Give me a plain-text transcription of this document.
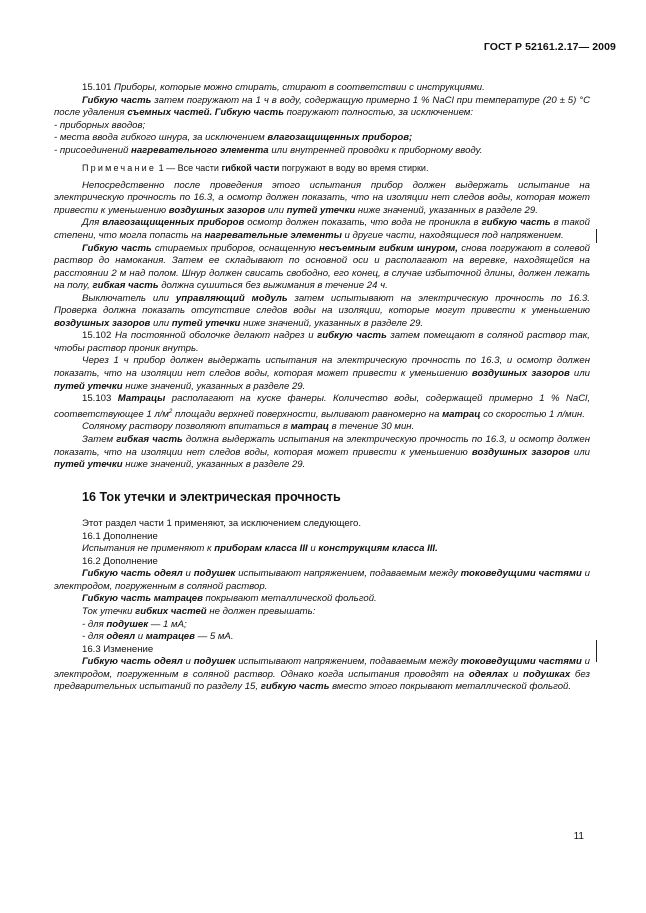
ГОСТ Р 52161.2.17— 2009

15.101 Приборы, которые можно стирать, стирают в соответствии с инструкциями.

Гибкую часть затем погружают на 1 ч в воду, содержащую примерно 1 % NaCl при температуре (20 ± 5) °С после удаления съемных частей. Гибкую часть погружают полностью, за исключением:

- приборных вводов;

- места ввода гибкого шнура, за исключением влагозащищенных приборов;

- присоединений нагревательного элемента или внутренней проводки к приборному вводу.

Примечание 1 — Все части гибкой части погружают в воду во время стирки.

Непосредственно после проведения этого испытания прибор должен выдержать испытание на электрическую прочность по 16.3, а осмотр должен показать, что на изоляции нет следов воды, которая может привести к уменьшению воздушных зазоров или путей утечки ниже значений, указанных в разделе 29.

Для влагозащищенных приборов осмотр должен показать, что вода не проникла в гибкую часть в такой степени, что могла попасть на нагревательные элементы и другие части, находящиеся под напряжением.

Гибкую часть стираемых приборов, оснащенную несъемным гибким шнуром, снова погружают в солевой раствор до намокания. Затем ее складывают по основной оси и располагают на веревке, находящейся на расстоянии 2 м над полом. Шнур должен свисать свободно, его конец, в случае избыточной длины, должен лежать на полу, гибкая часть должна сушиться без выжимания в течение 24 ч.

Выключатель или управляющий модуль затем испытывают на электрическую прочность по 16.3. Проверка должна показать отсутствие следов воды на изоляции, которые могут привести к уменьшению воздушных зазоров или путей утечки ниже значений, указанных в разделе 29.

15.102 На постоянной оболочке делают надрез и гибкую часть затем помещают в соляной раствор так, чтобы раствор проник внутрь.

Через 1 ч прибор должен выдержать испытания на электрическую прочность по 16.3, и осмотр должен показать, что на изоляции нет следов воды, которая может привести к уменьшению воздушных зазоров или путей утечки ниже значений, указанных в разделе 29.

15.103 Матрацы располагают на куске фанеры. Количество воды, содержащей примерно 1 % NaCl, соответствующее 1 $л/м^2$ площади верхней поверхности, выливают равномерно на матрац со скоростью 1 л/мин.

Соляному раствору позволяют впитаться в матрац в течение 30 мин.

Затем гибкая часть должна выдержать испытания на электрическую прочность по 16.3, и осмотр должен показать, что на изоляции нет следов воды, которая может привести к уменьшению воздушных зазоров или путей утечки ниже значений, указанных в разделе 29.

16 Ток утечки и электрическая прочность

Этот раздел части 1 применяют, за исключением следующего.

16.1 Дополнение

Испытания не применяют к приборам класса III и конструкциям класса III.

16.2 Дополнение

Гибкую часть одеял и подушек испытывают напряжением, подаваемым между токоведущими частями и электродом, погруженным в соляной раствор.

Гибкую часть матрацев покрывают металлической фольгой.

Ток утечки гибких частей не должен превышать:

- для подушек — 1 мА;

- для одеял и матрацев — 5 мА.

16.3 Изменение

Гибкую часть одеял и подушек испытывают напряжением, подаваемым между токоведущими частями и электродом, погруженным в соляной раствор. Однако когда испытания проводят на одеялах и подушках без предварительных испытаний по разделу 15, гибкую часть вместо этого покрывают металлической фольгой.

11
